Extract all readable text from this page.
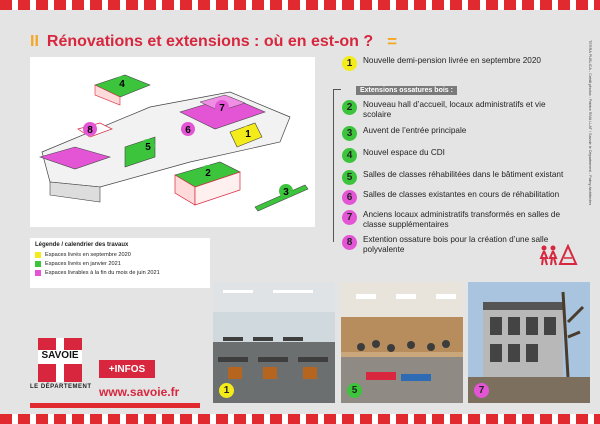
II Rénovations et extensions : où en est-on ? =
4
8
7
6
5
1
2
3
Légende / calendrier des travaux
Espaces livrés en septembre 2020
Espaces livrés en janvier 2021
Espaces livrables à la fin du mois de juin 2021
1	Nouvelle demi-pension livrée en septembre 2020
Extensions ossatures bois :
2	Nouveau hall d’accueil, locaux administratifs et vie scolaire
3	Auvent de l’entrée principale
4	Nouvel espace du CDI
5	Salles de classes réhabilitées dans le bâtiment existant
6	Salles de classes existantes en cours de réhabilitation
7	Anciens locaux administratifs transformés en salles de classe supplémentaires
8	Extention ossature bois pour la création d’une salle polyvalente
TERRA PUBLICA - Crédit photos : Patrice RIVA LLAT / Savoie le Département - Palmy Architectes
1	5	7
SAVOIE
LE DÉPARTEMENT
+INFOS
www.savoie.fr
